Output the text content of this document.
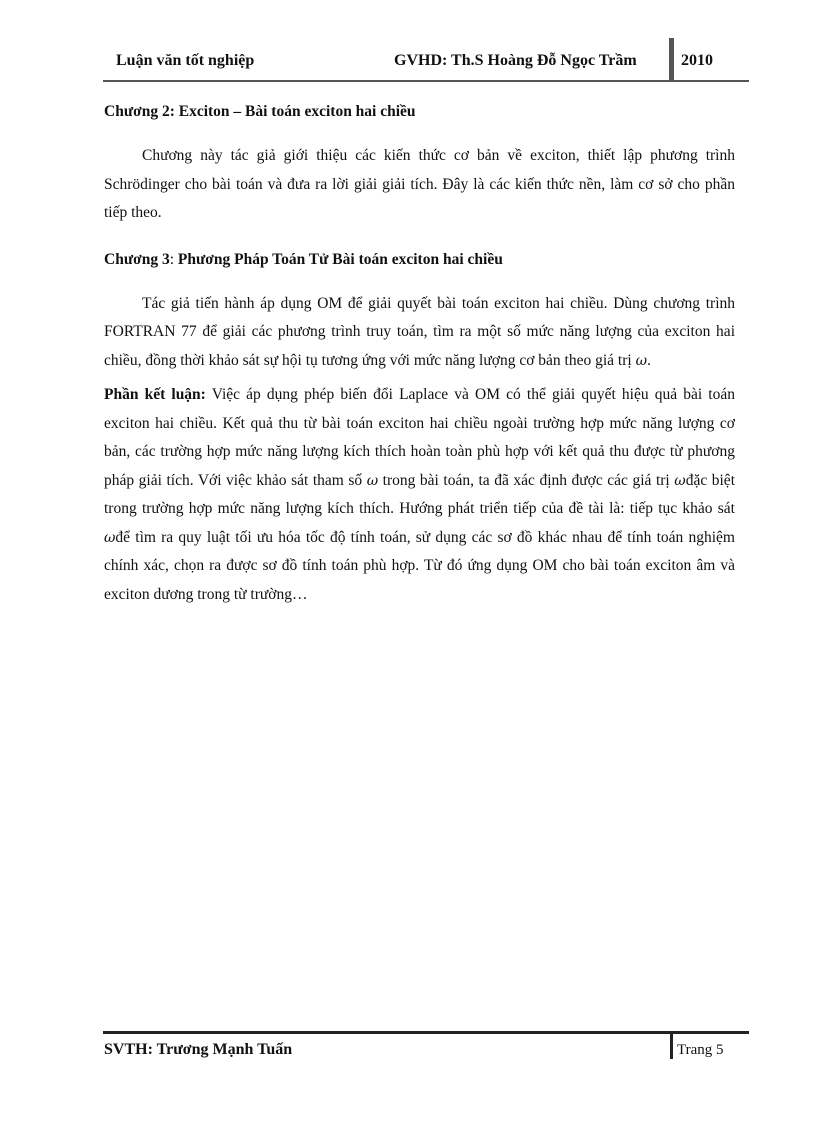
Luận văn tốt nghiệp	GVHD: Th.S Hoàng Đỗ Ngọc Trầm	2010
Chương 2: Exciton – Bài toán exciton hai chiều

Chương này tác giả giới thiệu các kiến thức cơ bản về exciton, thiết lập phương trình Schrödinger cho bài toán và đưa ra lời giải giải tích. Đây là các kiến thức nền, làm cơ sở cho phần tiếp theo.

Chương 3: Phương Pháp Toán Tử Bài toán exciton hai chiều

Tác giả tiến hành áp dụng OM để giải quyết bài toán exciton hai chiều. Dùng chương trình FORTRAN 77 để giải các phương trình truy toán, tìm ra một số mức năng lượng của exciton hai chiều, đồng thời khảo sát sự hội tụ tương ứng với mức năng lượng cơ bản theo giá trị ω.

Phần kết luận: Việc áp dụng phép biến đổi Laplace và OM có thể giải quyết hiệu quả bài toán exciton hai chiều. Kết quả thu từ bài toán exciton hai chiều ngoài trường hợp mức năng lượng cơ bản, các trường hợp mức năng lượng kích thích hoàn toàn phù hợp với kết quả thu được từ phương pháp giải tích. Với việc khảo sát tham số ω trong bài toán, ta đã xác định được các giá trị ωđặc biệt trong trường hợp mức năng lượng kích thích. Hướng phát triển tiếp của đề tài là: tiếp tục khảo sát ωđể tìm ra quy luật tối ưu hóa tốc độ tính toán, sử dụng các sơ đồ khác nhau để tính toán nghiệm chính xác, chọn ra được sơ đồ tính toán phù hợp. Từ đó ứng dụng OM cho bài toán exciton âm và exciton dương trong từ trường…

SVTH: Trương Mạnh Tuấn	Trang 5
